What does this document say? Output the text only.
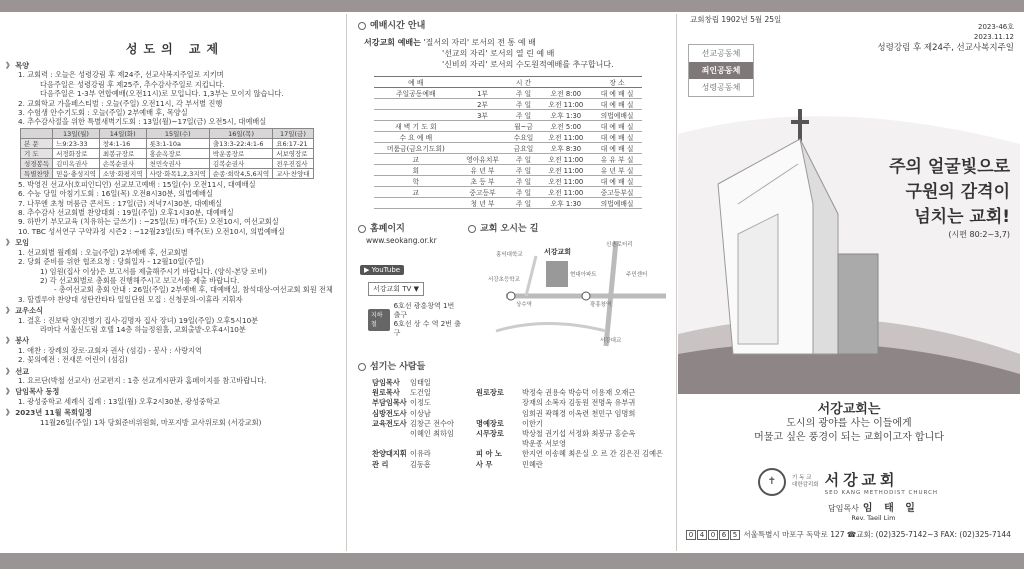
성도의 교제
》 목양
1. 교회력 : 오늘은 성령강림 후 제24주, 선교사복지주일로 지키며
다음주일은 성령강림 후 제25주, 추수감사주일로 지킵니다.
다음주일은 1-3부 연합예배(오전11시)로 모입니다. 1,3부는 모이지 않습니다.
2. 교회학교 가을페스티벌 : 오늘(주일) 오전11시, 각 부서별 진행
3. 수험생 안수기도회 : 오늘(주일) 2부예배 후, 목양실
4. 추수감사절을 위한 특별새벽기도회 : 13일(월)~17일(금) 오전5시, 대예배실
	13일(월)	14일(화)	15일(수)	16일(목)	17일(금)
본 문	느9:23-33	창4:1-16	롯3:1-10a	출13:3-22:4:1-6	요6:17-21
기 도	서정화장로	최봉규장로	홍순옥장로	박운종장로	서보영장로
성경봉독	김미옥권사	손복순권사	천민숙권사	김복순권사	전우진집사
특별찬양	믿음·충성지역	소망·화평지역	사랑·화목1,2,3지역	순종·희락4,5,6지역	교사·찬양대
5. 박영진 선교사(호피인디언) 선교보고예배 : 15일(수) 오전11시, 대예배실
6. 수능 당일 아침기도회 : 16일(목) 오전8시30분, 의법예배실
7. 나무엔 초청 머룸금 콘서트 : 17일(금) 저녁7시30분, 대예배실
8. 추수감사 선교회별 찬양대회 : 19일(주일) 오후1시30분, 대예배실
9. 하반기 부모교육 (치유하는 글쓰기) : ~25일(토) 매주(토) 오전10시, 여선교회실
10. TBC 성서연구 구약과정 시즌2 : ~12월23일(토) 매주(토) 오전10시, 의법예배실
》 모임
1. 선교회별 월례회 : 오늘(주일) 2부예배 후, 선교회별
2. 당회 준비를 위한 협조요청 : 당회일자 - 12월10일(주일)
1) 임원(집사 이상)은 보고서를 제출해주시기 바랍니다. (양식-본당 로비)
2) 각 선교회별로 총회를 진행해주시고 보고서를 제출 바랍니다.
- 총여선교회 총회 안내 : 26일(주일) 2부예배 후, 대예배실, 참석대상-여선교회 회원 전체
3. 할렐루야 찬양대 성탄칸타타 일일단원 모집 : 신청문의-이휴라 지휘자
》 교우소식
1. 결혼 : 진보탁 양(진병기 집사-김명자 집사 장녀) 19일(주일) 오후5시10분
라마다 서울신도림 호텔 14층 하늘정원홀, 교회출발-오후4시10분
》 봉사
1. 애찬 : 장례의 장로·교회자 권사 (섬김) - 봉사 : 사랑지역
2. 꽃의예전 : 전새론 어린이 (섬김)
》 선교
1. 요르단(박철 선교사) 선교편지 : 1층 선교게시판과 홈페이지를 참고바랍니다.
》 담임목사 동정
1. 광성중학교 세례식 집례 : 13일(월) 오후2시30분, 광성중학교
》 2023년 11월 목회일정
11월26일(주일) 1차 당회준비위원회, 마포지방 교사위로회 (서강교회)
예배시간 안내
서강교회 예배는 '질서의 자리' 로서의 전 통 예 배
'선교의 자리' 로서의 열 린 예 배
'신비의 자리' 로서의 수도원적예배를 추구합니다.
예 배		시 간		장 소
주일공동예배	1부	주 일	오전 8:00	대 예 배 실
	2부	주 일	오전 11:00	대 예 배 실
	3부	주 일	오후 1:30	의법예배실
새 벽 기 도 회		월~금	오전 5:00	대 예 배 실
수 요 예 배		수요일	오전 11:00	대 예 배 실
머룸금(금요기도회)		금요일	오후 8:30	대 예 배 실
교	영아유치부	주 일	오전 11:00	유 유 부 실
회	유 년 부	주 일	오전 11:00	유 년 부 실
학	초 등 부	주 일	오전 11:00	대 예 배 실
교	중고등부	주 일	오전 11:00	중고등부실
	청 년 부	주 일	오후 1:30	의법예배실
홈페이지
www.seokang.or.kr
▶ YouTube
서강교회 TV ▼
지하철
6호선 광흥창역 1번 출구
6호선 상 수 역 2번 출구
교회 오시는 길
서강교회
홍익대학교
서강초등학교
신촌로터리
광흥창역
상수역
서강대교
주민센터
현대아파트
섬기는 사람들
담임목사 임태일
원로목사 도건일	원로장로	박정숙 권용숙 박승덕 이용재 오재근
부담임목사 이정도	장재의 소복자 김동원 전명옥 유부귀
심방전도사 이상남	임희권 곽해경 이옥련 천민구 임명희
교육전도사 김창근 전수아	명예장로	이한기
이혜인 최하임	시무장로	박상철 권기섭 서정화 최봉규 홍순옥
박운종 서보영
찬양대지휘 이유라	피 아 노	한지연 이송혜 최은실 오 르 간 김은진 김예은
관 리	김동흠	사 무	민혜란
교회창립 1902년 5월 25일
2023-46호
2023.11.12
성령강림 후 제24주, 선교사복지주일
선교공동체
죄인공동체
성령공동체
주의 얼굴빛으로
구원의 감격이
넘치는 교회!
(시편 80:2~3,7)
서강교회는
도시의 광야를 사는 이들에게
머물고 싶은 풍경이 되는 교회이고자 합니다
✝	기 독 교
대한감리회 서강교회
SEO KANG METHODIST CHURCH
담임목사 임 태 일
Rev. Taeil Lim
0 4 0 6 5 서울특별시 마포구 독막로 127 ☎교회: (02)325-7142~3 FAX: (02)325-7144
